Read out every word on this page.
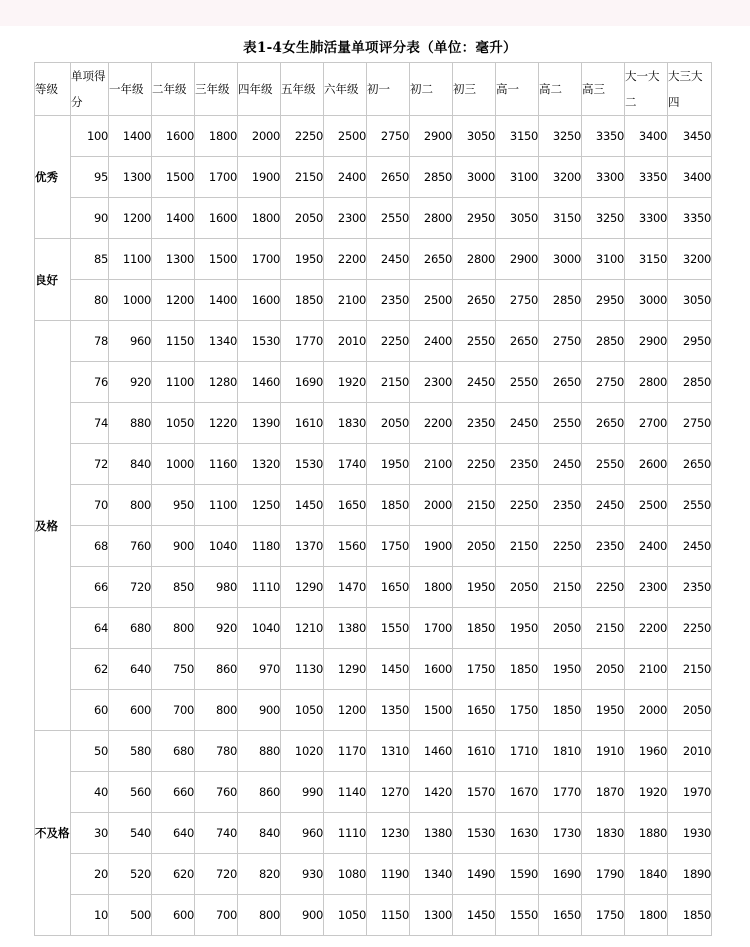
表1-4女生肺活量单项评分表（单位：毫升）
等级	单项得分	一年级	二年级	三年级	四年级	五年级	六年级	初一	初二	初三	高一	高二	高三	大一大二	大三大四
优秀	100	1400	1600	1800	2000	2250	2500	2750	2900	3050	3150	3250	3350	3400	3450
	95	1300	1500	1700	1900	2150	2400	2650	2850	3000	3100	3200	3300	3350	3400
	90	1200	1400	1600	1800	2050	2300	2550	2800	2950	3050	3150	3250	3300	3350
良好	85	1100	1300	1500	1700	1950	2200	2450	2650	2800	2900	3000	3100	3150	3200
	80	1000	1200	1400	1600	1850	2100	2350	2500	2650	2750	2850	2950	3000	3050
及格	78	960	1150	1340	1530	1770	2010	2250	2400	2550	2650	2750	2850	2900	2950
	76	920	1100	1280	1460	1690	1920	2150	2300	2450	2550	2650	2750	2800	2850
	74	880	1050	1220	1390	1610	1830	2050	2200	2350	2450	2550	2650	2700	2750
	72	840	1000	1160	1320	1530	1740	1950	2100	2250	2350	2450	2550	2600	2650
	70	800	950	1100	1250	1450	1650	1850	2000	2150	2250	2350	2450	2500	2550
	68	760	900	1040	1180	1370	1560	1750	1900	2050	2150	2250	2350	2400	2450
	66	720	850	980	1110	1290	1470	1650	1800	1950	2050	2150	2250	2300	2350
	64	680	800	920	1040	1210	1380	1550	1700	1850	1950	2050	2150	2200	2250
	62	640	750	860	970	1130	1290	1450	1600	1750	1850	1950	2050	2100	2150
	60	600	700	800	900	1050	1200	1350	1500	1650	1750	1850	1950	2000	2050
不及格	50	580	680	780	880	1020	1170	1310	1460	1610	1710	1810	1910	1960	2010
	40	560	660	760	860	990	1140	1270	1420	1570	1670	1770	1870	1920	1970
	30	540	640	740	840	960	1110	1230	1380	1530	1630	1730	1830	1880	1930
	20	520	620	720	820	930	1080	1190	1340	1490	1590	1690	1790	1840	1890
	10	500	600	700	800	900	1050	1150	1300	1450	1550	1650	1750	1800	1850
